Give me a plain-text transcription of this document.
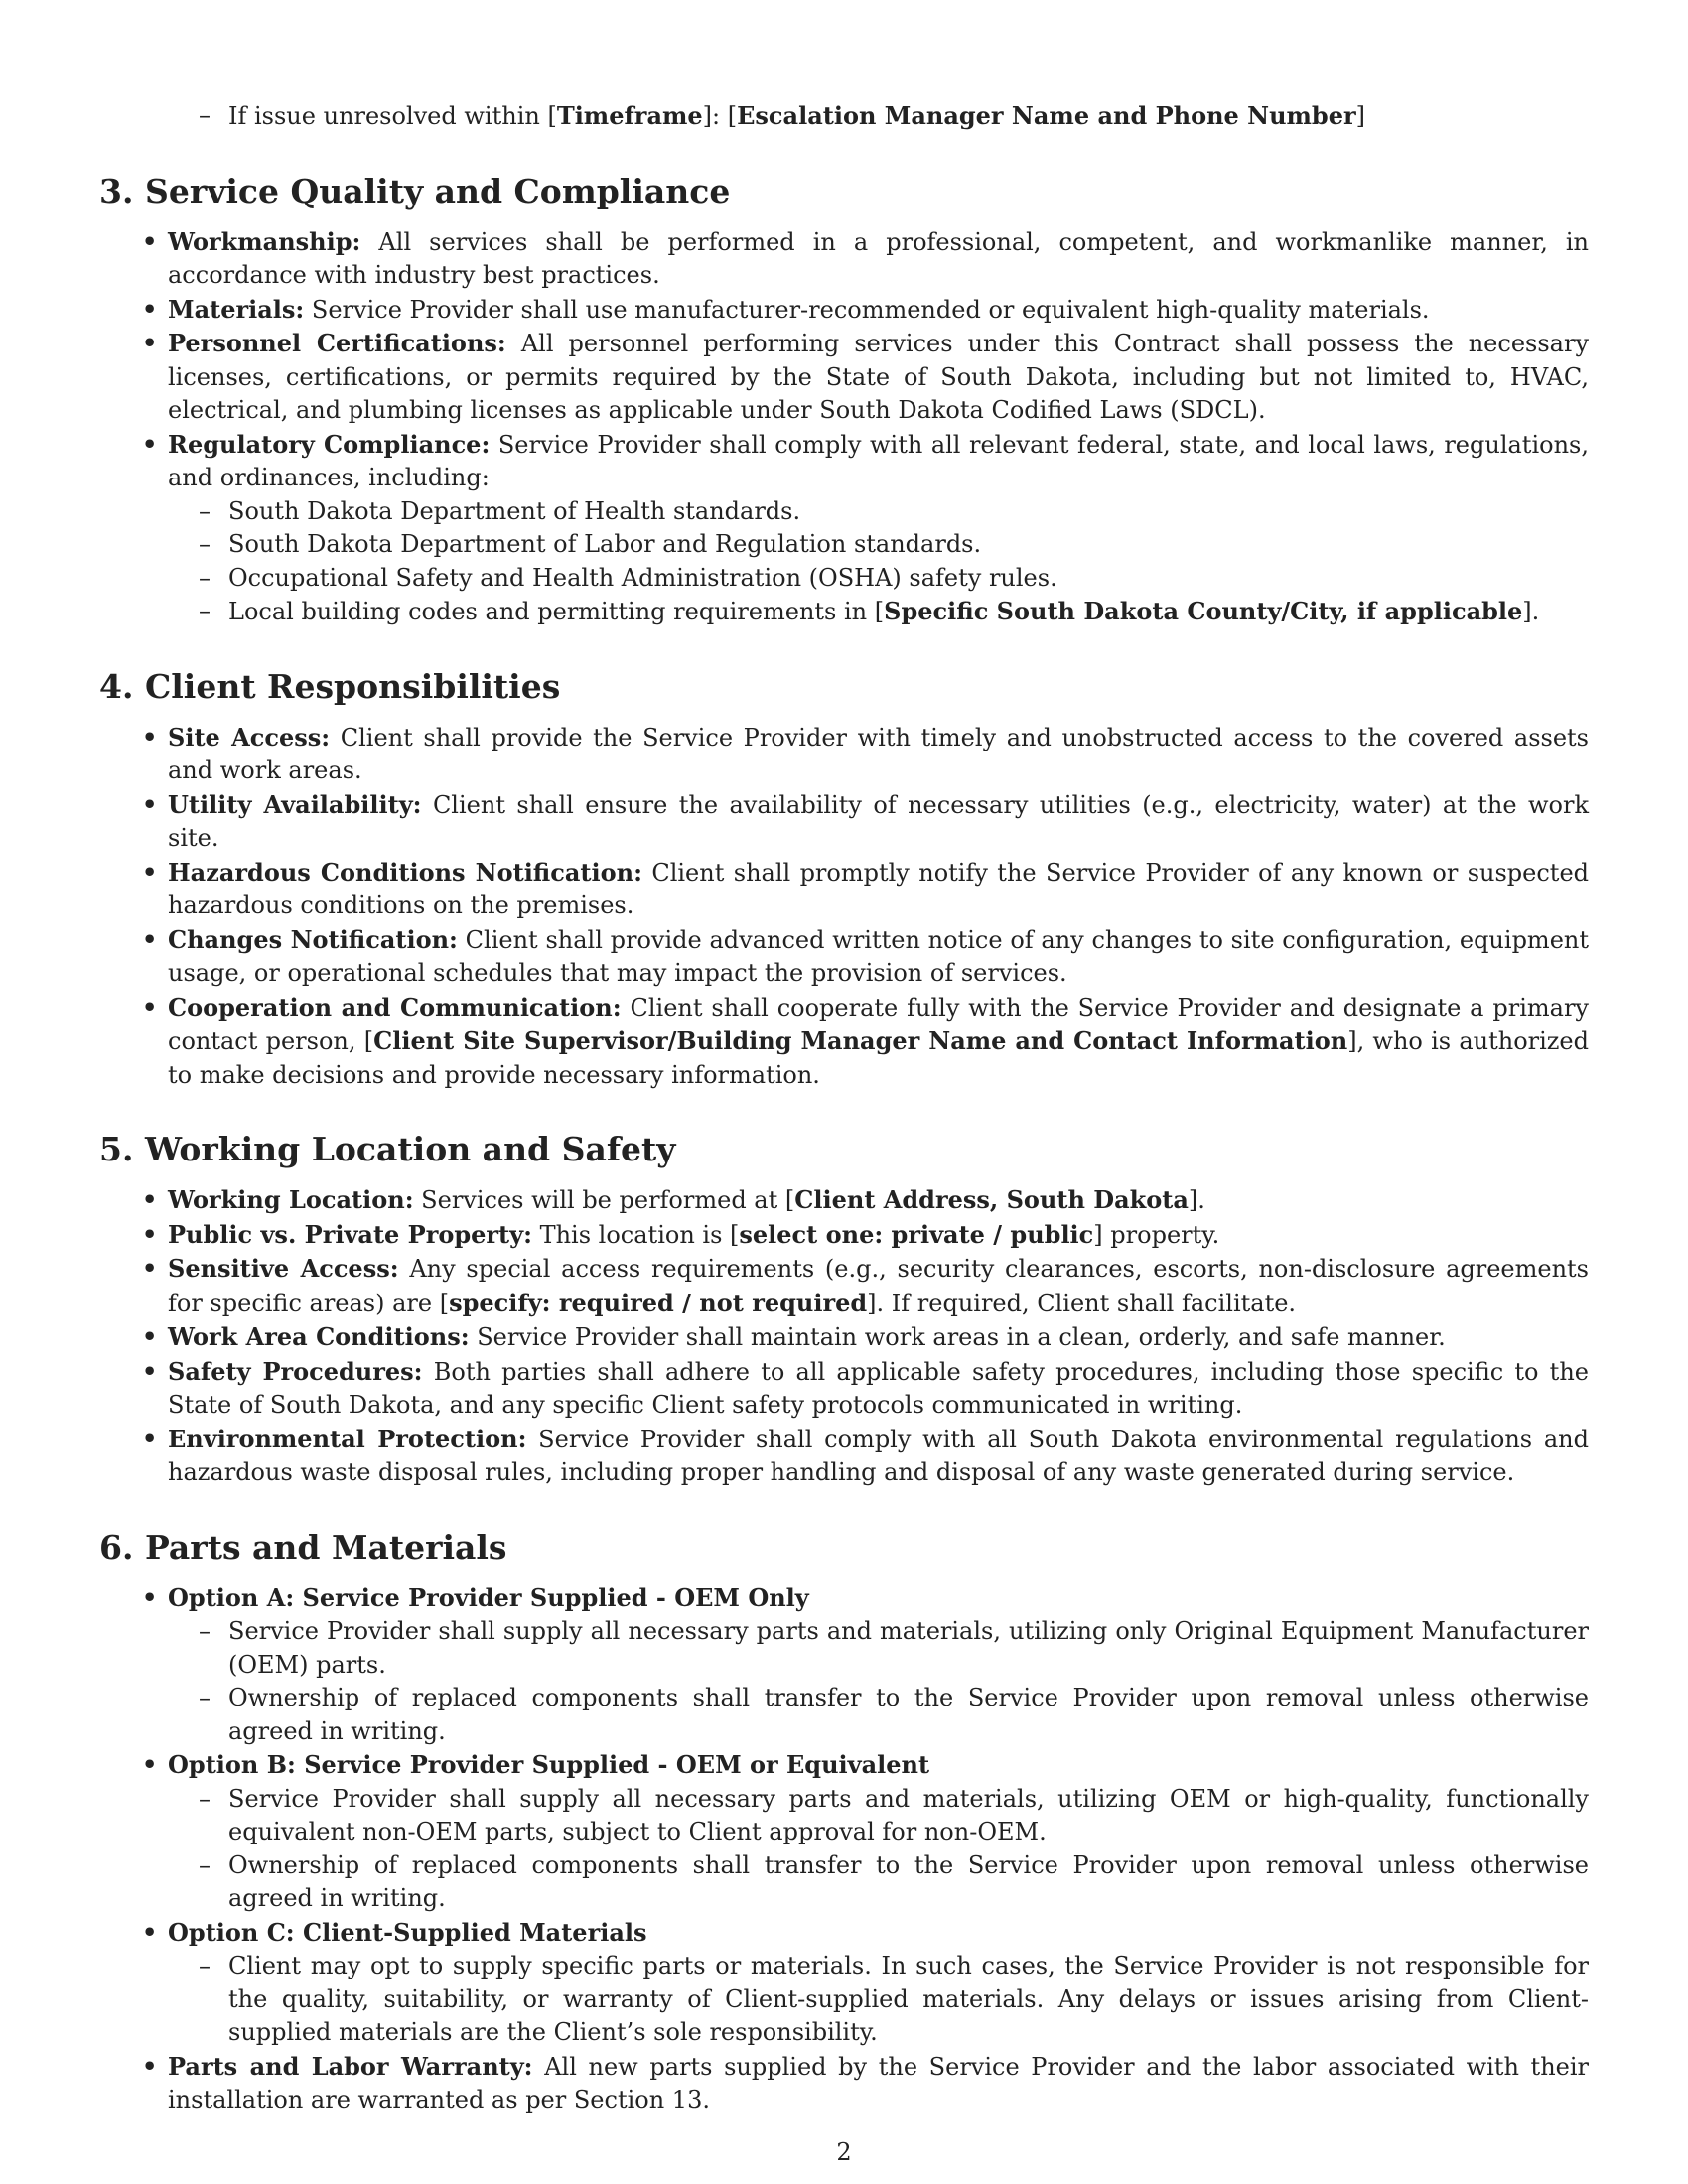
– If issue unresolved within [Timeframe]: [Escalation Manager Name and Phone Number]
3. Service Quality and Compliance
• Workmanship: All services shall be performed in a professional, competent, and workmanlike manner, in accordance with industry best practices.
• Materials: Service Provider shall use manufacturer-recommended or equivalent high-quality materials.
• Personnel Certifications: All personnel performing services under this Contract shall possess the necessary licenses, certifications, or permits required by the State of South Dakota, including but not limited to, HVAC, electrical, and plumbing licenses as applicable under South Dakota Codified Laws (SDCL).
• Regulatory Compliance: Service Provider shall comply with all relevant federal, state, and local laws, regulations, and ordinances, including:
– South Dakota Department of Health standards.
– South Dakota Department of Labor and Regulation standards.
– Occupational Safety and Health Administration (OSHA) safety rules.
– Local building codes and permitting requirements in [Specific South Dakota County/City, if applicable].
4. Client Responsibilities
• Site Access: Client shall provide the Service Provider with timely and unobstructed access to the covered assets and work areas.
• Utility Availability: Client shall ensure the availability of necessary utilities (e.g., electricity, water) at the work site.
• Hazardous Conditions Notification: Client shall promptly notify the Service Provider of any known or suspected hazardous conditions on the premises.
• Changes Notification: Client shall provide advanced written notice of any changes to site configuration, equipment usage, or operational schedules that may impact the provision of services.
• Cooperation and Communication: Client shall cooperate fully with the Service Provider and designate a primary contact person, [Client Site Supervisor/Building Manager Name and Contact Information], who is authorized to make decisions and provide necessary information.
5. Working Location and Safety
• Working Location: Services will be performed at [Client Address, South Dakota].
• Public vs. Private Property: This location is [select one: private / public] property.
• Sensitive Access: Any special access requirements (e.g., security clearances, escorts, non-disclosure agreements for specific areas) are [specify: required / not required]. If required, Client shall facilitate.
• Work Area Conditions: Service Provider shall maintain work areas in a clean, orderly, and safe manner.
• Safety Procedures: Both parties shall adhere to all applicable safety procedures, including those specific to the State of South Dakota, and any specific Client safety protocols communicated in writing.
• Environmental Protection: Service Provider shall comply with all South Dakota environmental regulations and hazardous waste disposal rules, including proper handling and disposal of any waste generated during service.
6. Parts and Materials
• Option A: Service Provider Supplied - OEM Only
– Service Provider shall supply all necessary parts and materials, utilizing only Original Equipment Manufacturer (OEM) parts.
– Ownership of replaced components shall transfer to the Service Provider upon removal unless otherwise agreed in writing.
• Option B: Service Provider Supplied - OEM or Equivalent
– Service Provider shall supply all necessary parts and materials, utilizing OEM or high-quality, functionally equivalent non-OEM parts, subject to Client approval for non-OEM.
– Ownership of replaced components shall transfer to the Service Provider upon removal unless otherwise agreed in writing.
• Option C: Client-Supplied Materials
– Client may opt to supply specific parts or materials. In such cases, the Service Provider is not responsible for the quality, suitability, or warranty of Client-supplied materials. Any delays or issues arising from Client-supplied materials are the Client’s sole responsibility.
• Parts and Labor Warranty: All new parts supplied by the Service Provider and the labor associated with their installation are warranted as per Section 13.
2
